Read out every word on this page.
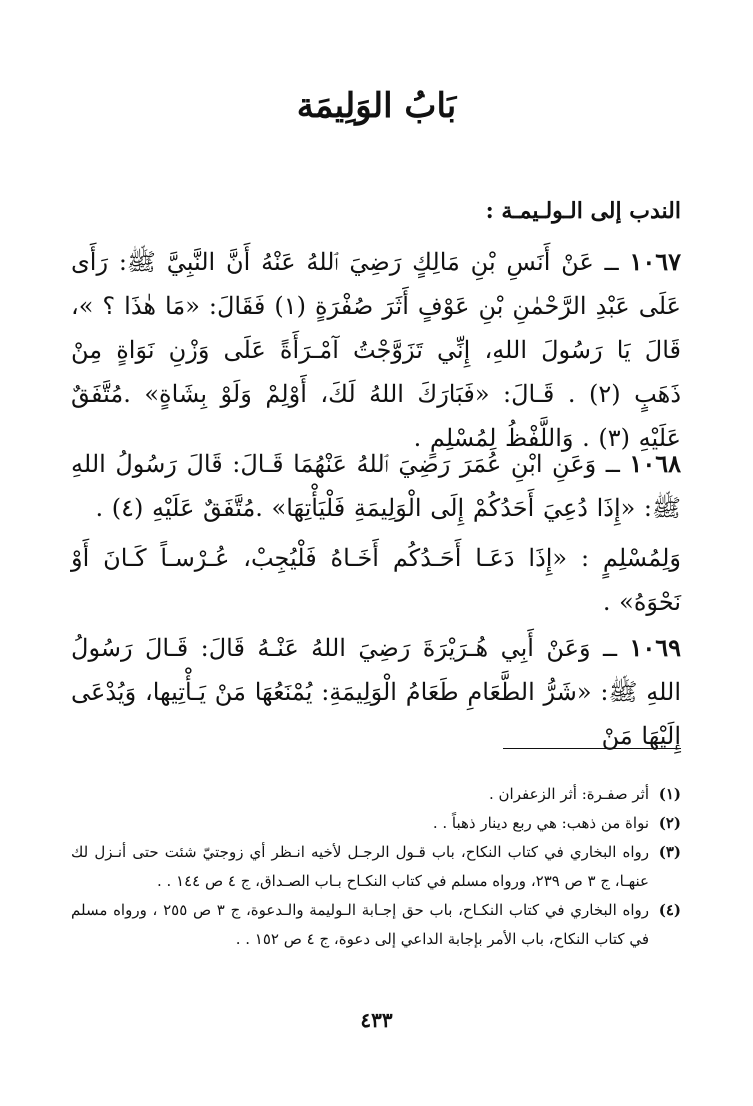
بَابُ الوَلِيمَة
الندب إلى الـولـيمـة :

١٠٦٧ ــ عَنْ أَنَسِ بْنِ مَالِكٍ رَضِيَ ٱللهُ عَنْهُ أَنَّ النَّبِيَّ ﷺ: رَأَى عَلَى عَبْدِ الرَّحْمٰنِ بْنِ عَوْفٍ أَثَرَ صُفْرَةٍ (١) فَقَالَ: «مَا هٰذَا ؟ »، قَالَ يَا رَسُولَ اللهِ، إِنِّي تَزَوَّجْتُ آمْـرَأَةً عَلَى وَزْنِ نَوَاةٍ مِنْ ذَهَبٍ (٢) . قَـالَ: «فَبَارَكَ اللهُ لَكَ، أَوْلِمْ وَلَوْ بِشَاةٍ» .مُتَّفَقٌ عَلَيْهِ (٣) . وَاللَّفْظُ لِمُسْلِمٍ .

١٠٦٨ ــ وَعَنِ ابْنِ عُمَرَ رَضِيَ ٱللهُ عَنْهُمَا قَـالَ: قَالَ رَسُولُ اللهِ ﷺ: «إِذَا دُعِيَ أَحَدُكُمْ إِلَى الْوَلِيمَةِ فَلْيَأْتِهَا» .مُتَّفَقٌ عَلَيْهِ (٤) .

وَلِمُسْلِمٍ : «إِذَا دَعَـا أَحَـدُكُم أَخَـاهُ فَلْيُجِبْ، عُـرْسـاً كَـانَ أَوْ نَحْوَهُ» .

١٠٦٩ ــ وَعَنْ أَبِي هُـرَيْرَةَ رَضِيَ اللهُ عَنْـهُ قَالَ: قَـالَ رَسُولُ اللهِ ﷺ: «شَرُّ الطَّعَامِ طَعَامُ الْوَلِيمَةِ: يُمْنَعُهَا مَنْ يَـأْتِيها، وَيُدْعَى إِلَيْهَا مَنْ

(١)
أثر صفـرة: أثر الزعفران .
(٢)
نواة من ذهب: هي ربع دينار ذهباً . .
(٣)
رواه البخاري في كتاب النكاح، باب قـول الرجـل لأخيه انـظر أي زوجتيّ شئت حتى أنـزل لك عنهـا، ج ٣ ص ٢٣٩، ورواه مسلم في كتاب النكـاح بـاب الصـداق، ج ٤ ص ١٤٤ . .
(٤)
رواه البخاري في كتاب النكـاح، باب حق إجـابة الـوليمة والـدعوة، ج ٣ ص ٢٥٥ ، ورواه مسلم في كتاب النكاح، باب الأمر بإجابة الداعي إلى دعوة، ج ٤ ص ١٥٢ . .
٤٣٣
